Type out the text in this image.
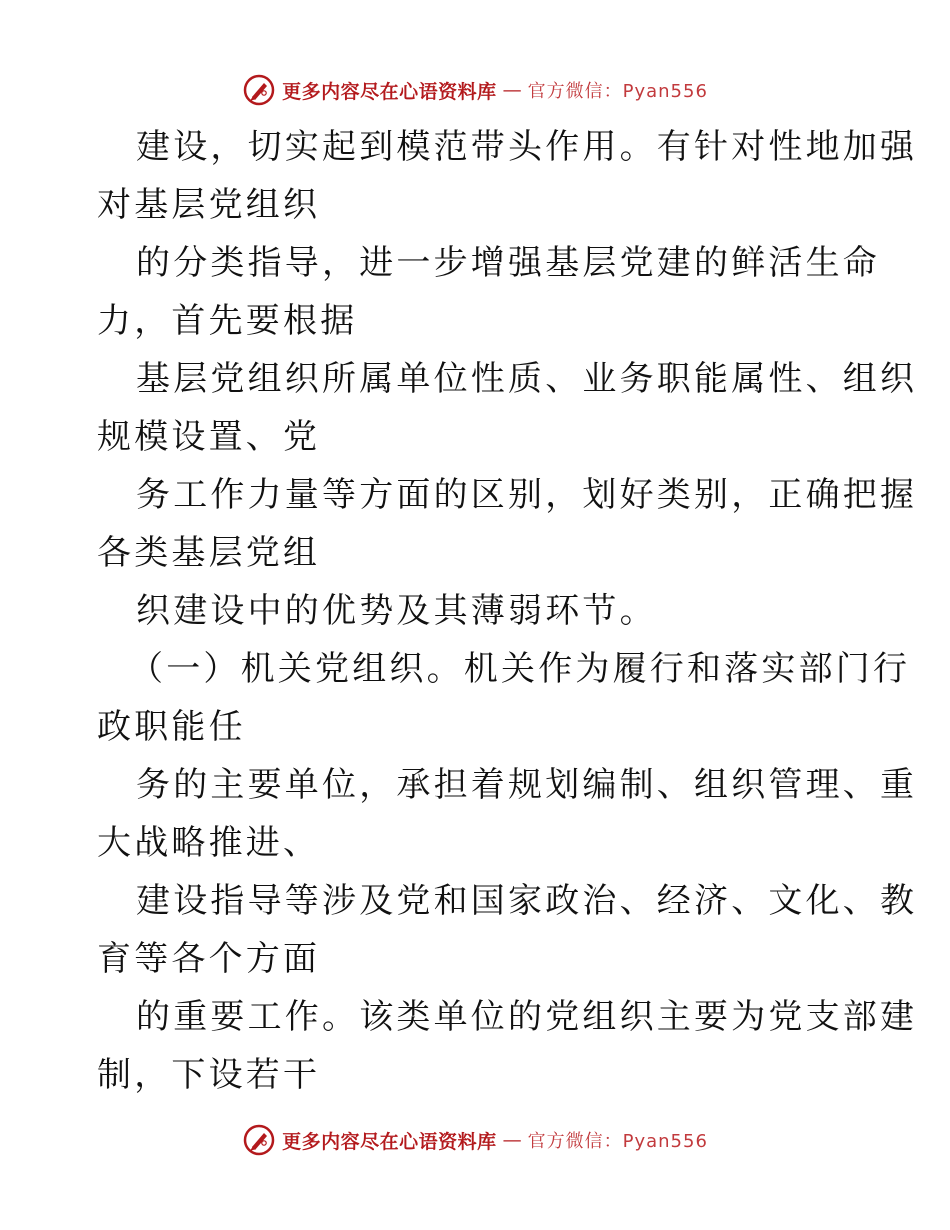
更多内容尽在心语资料库 — 官方微信：Pyan556
建设，切实起到模范带头作用。有针对性地加强
对基层党组织
的分类指导，进一步增强基层党建的鲜活生命
力，首先要根据
基层党组织所属单位性质、业务职能属性、组织
规模设置、党
务工作力量等方面的区别，划好类别，正确把握
各类基层党组
织建设中的优势及其薄弱环节。
（一）机关党组织。机关作为履行和落实部门行
政职能任
务的主要单位，承担着规划编制、组织管理、重
大战略推进、
建设指导等涉及党和国家政治、经济、文化、教
育等各个方面
的重要工作。该类单位的党组织主要为党支部建
制，下设若干
更多内容尽在心语资料库 — 官方微信：Pyan556
